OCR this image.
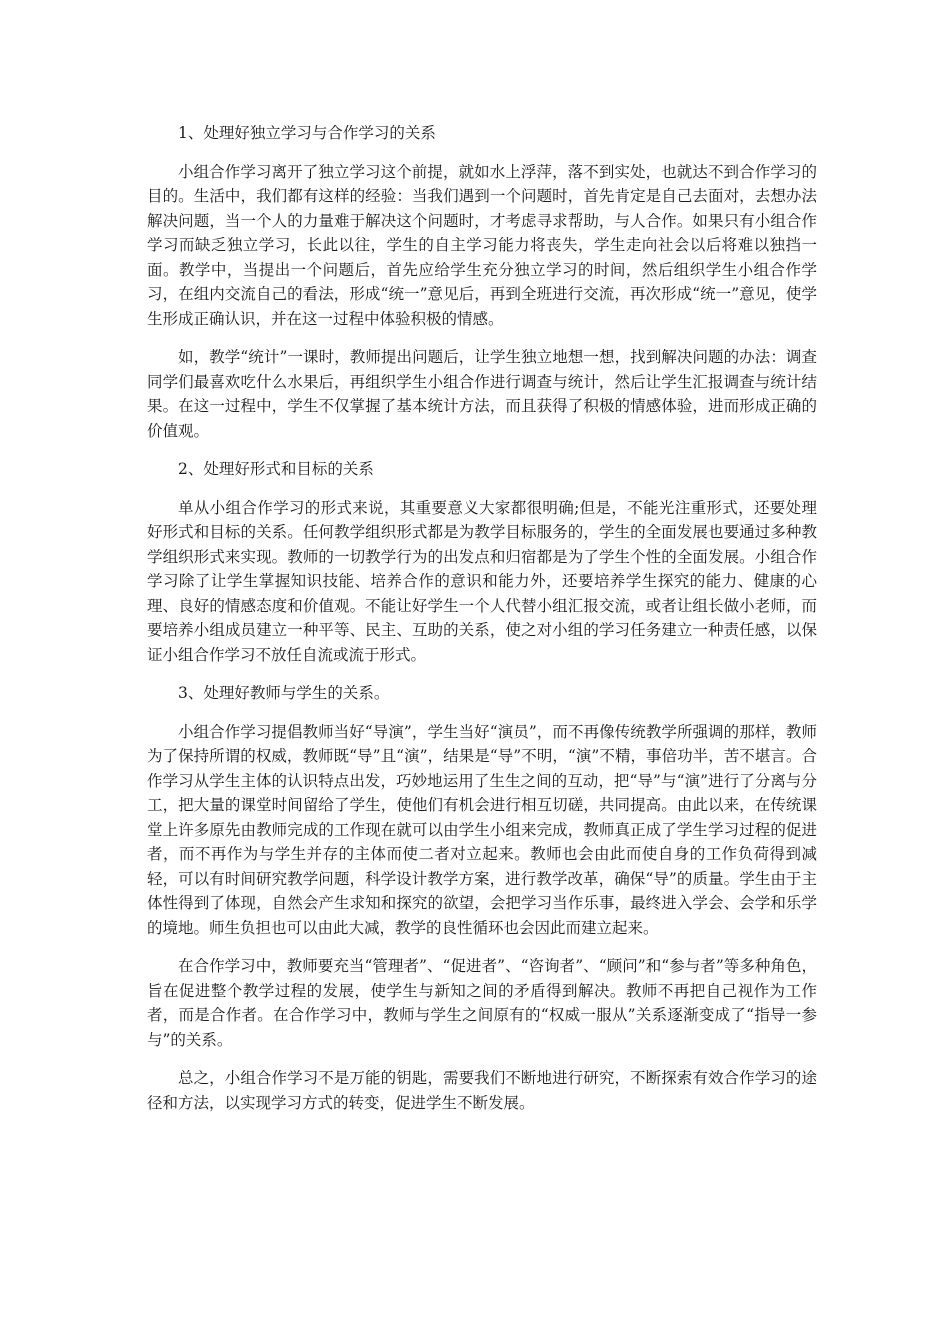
1、处理好独立学习与合作学习的关系

小组合作学习离开了独立学习这个前提，就如水上浮萍，落不到实处，也就达不到合作学习的目的。生活中，我们都有这样的经验：当我们遇到一个问题时，首先肯定是自己去面对，去想办法解决问题，当一个人的力量难于解决这个问题时，才考虑寻求帮助，与人合作。如果只有小组合作学习而缺乏独立学习，长此以往，学生的自主学习能力将丧失，学生走向社会以后将难以独挡一面。教学中，当提出一个问题后，首先应给学生充分独立学习的时间，然后组织学生小组合作学习，在组内交流自己的看法，形成“统一”意见后，再到全班进行交流，再次形成“统一”意见，使学生形成正确认识，并在这一过程中体验积极的情感。

如，教学“统计”一课时，教师提出问题后，让学生独立地想一想，找到解决问题的办法：调查同学们最喜欢吃什么水果后，再组织学生小组合作进行调查与统计，然后让学生汇报调查与统计结果。在这一过程中，学生不仅掌握了基本统计方法，而且获得了积极的情感体验，进而形成正确的价值观。

2、处理好形式和目标的关系

单从小组合作学习的形式来说，其重要意义大家都很明确;但是，不能光注重形式，还要处理好形式和目标的关系。任何教学组织形式都是为教学目标服务的，学生的全面发展也要通过多种教学组织形式来实现。教师的一切教学行为的出发点和归宿都是为了学生个性的全面发展。小组合作学习除了让学生掌握知识技能、培养合作的意识和能力外，还要培养学生探究的能力、健康的心理、良好的情感态度和价值观。不能让好学生一个人代替小组汇报交流，或者让组长做小老师，而要培养小组成员建立一种平等、民主、互助的关系，使之对小组的学习任务建立一种责任感，以保证小组合作学习不放任自流或流于形式。

3、处理好教师与学生的关系。

小组合作学习提倡教师当好“导演”，学生当好“演员”，而不再像传统教学所强调的那样，教师为了保持所谓的权威，教师既“导”且“演”，结果是“导”不明，“演”不精，事倍功半，苦不堪言。合作学习从学生主体的认识特点出发，巧妙地运用了生生之间的互动，把“导”与“演”进行了分离与分工，把大量的课堂时间留给了学生，使他们有机会进行相互切磋，共同提高。由此以来，在传统课堂上许多原先由教师完成的工作现在就可以由学生小组来完成，教师真正成了学生学习过程的促进者，而不再作为与学生并存的主体而使二者对立起来。教师也会由此而使自身的工作负荷得到减轻，可以有时间研究教学问题，科学设计教学方案，进行教学改革，确保“导”的质量。学生由于主体性得到了体现，自然会产生求知和探究的欲望，会把学习当作乐事，最终进入学会、会学和乐学的境地。师生负担也可以由此大减，教学的良性循环也会因此而建立起来。

在合作学习中，教师要充当“管理者”、“促进者”、“咨询者”、“顾问”和“参与者”等多种角色，旨在促进整个教学过程的发展，使学生与新知之间的矛盾得到解决。教师不再把自己视作为工作者，而是合作者。在合作学习中，教师与学生之间原有的“权威一服从”关系逐渐变成了“指导一参与”的关系。

总之，小组合作学习不是万能的钥匙，需要我们不断地进行研究，不断探索有效合作学习的途径和方法，以实现学习方式的转变，促进学生不断发展。
